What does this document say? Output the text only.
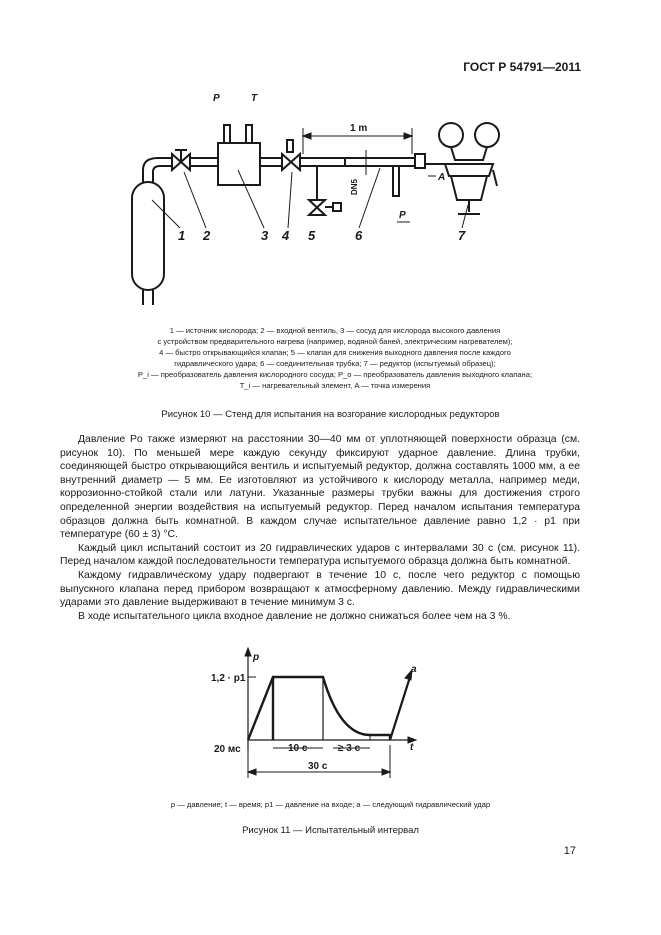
ГОСТ Р 54791—2011
P	T
1 m
DN5
P
A
1 2	3 4 5	6	7
1 — источник кислорода; 2 — входной вентиль, 3 — сосуд для кислорода высокого давления
с устройством предварительного нагрева (например, водяной баней, электрическим нагревателем);
4 — быстро открывающийся клапан; 5 — клапан для снижения выходного давления после каждого
гидравлического удара; 6 — соединительная трубка; 7 — редуктор (испытуемый образец);
P_i — преобразователь давления кислородного сосуда; P_o — преобразователь давления выходного клапана;
T_i — нагревательный элемент, A — точка измерения
Рисунок 10 — Стенд для испытания на возгорание кислородных редукторов

Давление Pо также измеряют на расстоянии 30—40 мм от уплотняющей поверхности образца (см. рисунок 10). По меньшей мере каждую секунду фиксируют ударное давление. Длина трубки, соединяющей быстро открывающийся вентиль и испытуемый редуктор, должна составлять 1000 мм, а ее внутренний диаметр — 5 мм. Ее изготовляют из устойчивого к кислороду металла, например меди, коррозионно-стойкой стали или латуни. Указанные размеры трубки важны для достижения строго определенной энергии воздействия на испытуемый редуктор. Перед началом испытания температура образцов должна быть комнатной. В каждом случае испытательное давление равно 1,2 · p1 при температуре (60 ± 3) °С.

Каждый цикл испытаний состоит из 20 гидравлических ударов с интервалами 30 с (см. рисунок 11). Перед началом каждой последовательности температура испытуемого образца должна быть комнатной.

Каждому гидравлическому удару подвергают в течение 10 с, после чего редуктор с помощью выпускного клапана перед прибором возвращают к атмосферному давлению. Между гидравлическими ударами это давление выдерживают в течение минимум 3 с.

В ходе испытательного цикла входное давление не должно снижаться более чем на 3 %.

p
t
1,2 · p1
20 мс	10 с	≥ 3 с
30 с
a
p — давление; t — время; p1 — давление на входе; a — следующий гидравлический удар
Рисунок 11 — Испытательный интервал
17
